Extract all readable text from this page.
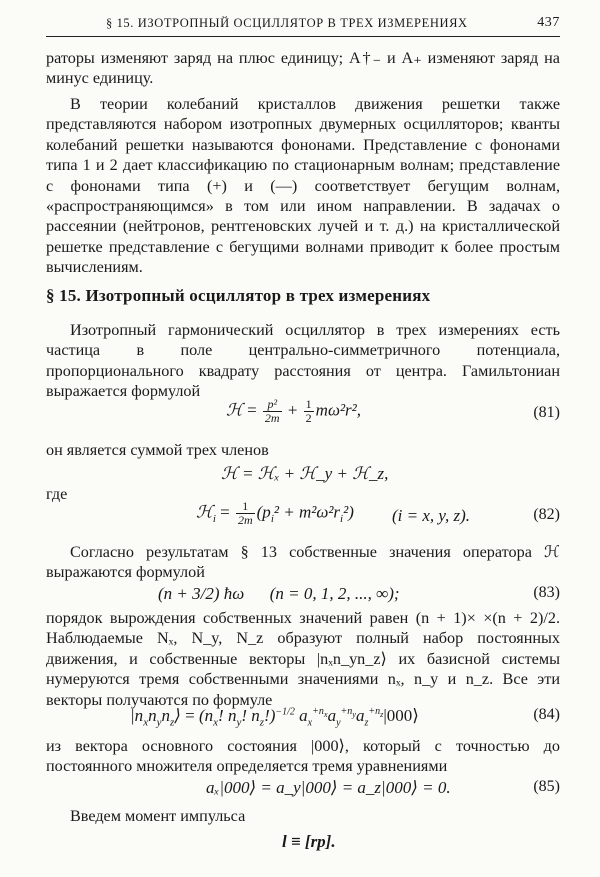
§ 15. ИЗОТРОПНЫЙ ОСЦИЛЛЯТОР В ТРЕХ ИЗМЕРЕНИЯХ	437

раторы изменяют заряд на плюс единицу; A†₋ и A₊ изменяют заряд на минус единицу.

В теории колебаний кристаллов движения решетки также представляются набором изотропных двумерных осцилляторов; кванты колебаний решетки называются фононами. Представление с фононами типа 1 и 2 дает классификацию по стационарным волнам; представление с фононами типа (+) и (—) соответствует бегущим волнам, «распространяющимся» в том или ином направлении. В задачах о рассеянии (нейтронов, рентгеновских лучей и т. д.) на кристаллической решетке представление с бегущими волнами приводит к более простым вычислениям.

§ 15. Изотропный осциллятор в трех измерениях

Изотропный гармонический осциллятор в трех измерениях есть частица в поле центрально-симметричного потенциала, пропорционального квадрату расстояния от центра. Гамильтониан выражается формулой

ℋ = $\frac{\text{p²}}{2m} + \frac{1}{2} m\omega^2r^2$,	(81)

он является суммой трех членов

ℋ = ℋₓ + ℋ_y + ℋ_z,

где

ℋ$_i$ = $\frac{1}{2m} (p_i^2 + m^2\omega^2r_i^2) (i = x$, y, z).	(82)

Согласно результатам § 13 собственные значения оператора ℋ выражаются формулой

(n + 3/2) ħω      (n = 0, 1, 2, ..., ∞);	(83)

порядок вырождения собственных значений равен (n + 1)× ×(n + 2)/2. Наблюдаемые Nₓ, N_y, N_z образуют полный набор постоянных движения, и собственные векторы |nₓn_yn_z⟩ их базисной системы нумеруются тремя собственными значениями nₓ, n_y и n_z. Все эти векторы получаются по формуле

$|n_xn_yn_z⟩ = (n_x$! $n_y$! $n_z!)^{-1/2}$ $a_x^{+n_x}a_y^{+n_y}a_z^{+n_z}|000⟩$	(84)

из вектора основного состояния |000⟩, который с точностью до постоянного множителя определяется тремя уравнениями

aₓ|000⟩ = a_y|000⟩ = a_z|000⟩ = 0.	(85)

Введем момент импульса

l ≡ [rp].
